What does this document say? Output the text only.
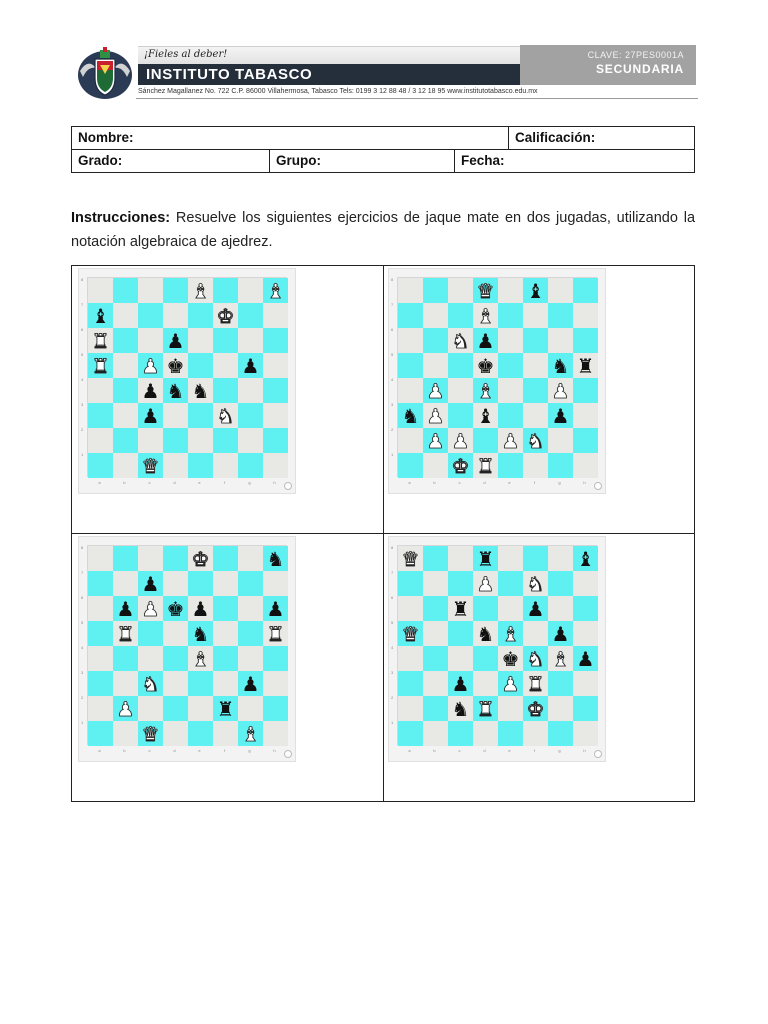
¡Fieles al deber!
INSTITUTO TABASCO
CLAVE: 27PES0001A
SECUNDARIA
Sánchez Magallanez No. 722 C.P. 86000 Villahermosa, Tabasco Tels: 0199 3 12 88 48 / 3 12 18 95 www.institutotabasco.edu.mx
Nombre:	Calificación:
Grado:	Grupo:	Fecha:

Instrucciones: Resuelve los siguientes ejercicios de jaque mate en dos jugadas, utilizando la notación algebraica de ajedrez.

8
7
6
5
4
3
2
1
♝	♝
♝	♚
♜	♟
♜ ♟ ♚	♟
♟ ♞ ♞
♟	♞
♛
a	b	c	d	e	f	g	h
8
7
6
5
4
3
2
1
♛ ♝
♝
♞ ♟
♚	♞ ♜
♟ ♝	♟
♞ ♟ ♝	♟
♟ ♟ ♟ ♞
♚ ♜
a	b	c	d	e	f	g	h
8
7
6
5
4
3
2
1
♚	♞
♟
♟ ♟ ♚ ♟	♟
♜	♞	♜
♝
♞	♟
♟	♜
♛	♝
a	b	c	d	e	f	g	h
8
7
6
5
4
3
2
1
♛	♜	♝
♟ ♞
♜	♟
♛	♞ ♝ ♟
♚ ♞ ♝ ♟
♟ ♟ ♜
♞ ♜ ♚
a	b	c	d	e	f	g	h
